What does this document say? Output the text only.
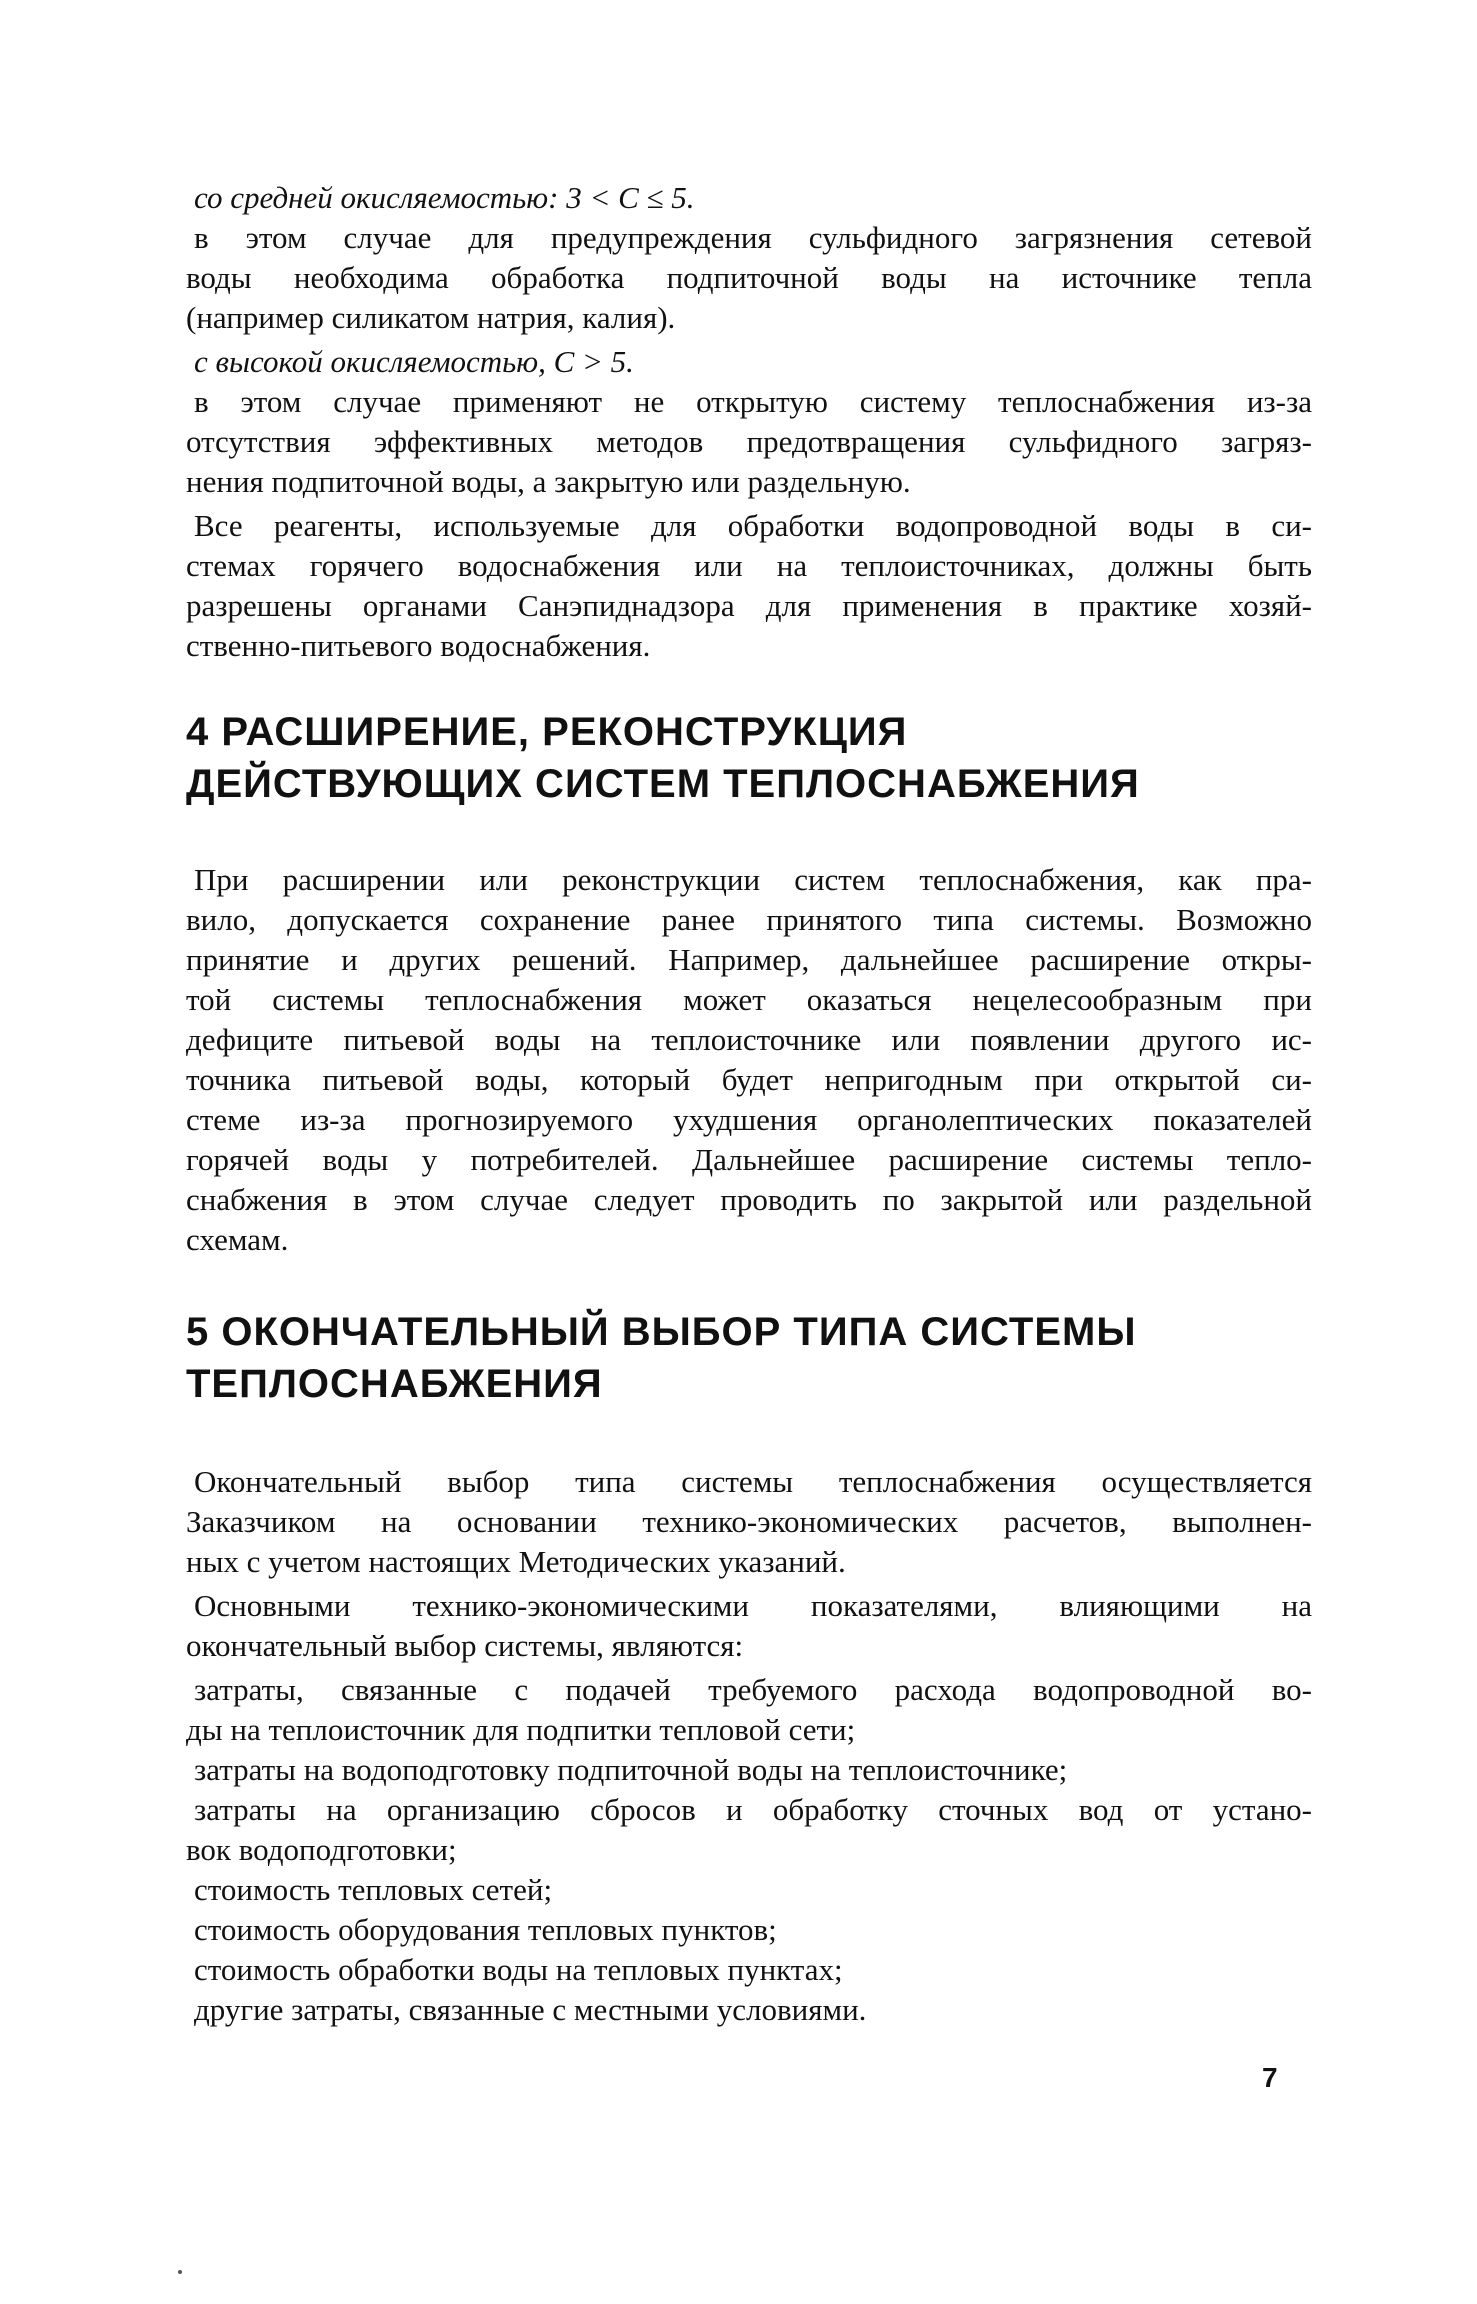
со средней окисляемостью: 3 < C ≤ 5.
в этом случае для предупреждения сульфидного загрязнения сетевой
воды необходима обработка подпиточной воды на источнике тепла
(например силикатом натрия, калия).
с высокой окисляемостью, C > 5.
в этом случае применяют не открытую систему теплоснабжения из-за
отсутствия эффективных методов предотвращения сульфидного загряз-
нения подпиточной воды, а закрытую или раздельную.
Все реагенты, используемые для обработки водопроводной воды в си-
стемах горячего водоснабжения или на теплоисточниках, должны быть
разрешены органами Санэпиднадзора для применения в практике хозяй-
ственно-питьевого водоснабжения.
4 РАСШИРЕНИЕ, РЕКОНСТРУКЦИЯ
ДЕЙСТВУЮЩИХ СИСТЕМ ТЕПЛОСНАБЖЕНИЯ
При расширении или реконструкции систем теплоснабжения, как пра-
вило, допускается сохранение ранее принятого типа системы. Возможно
принятие и других решений. Например, дальнейшее расширение откры-
той системы теплоснабжения может оказаться нецелесообразным при
дефиците питьевой воды на теплоисточнике или появлении другого ис-
точника питьевой воды, который будет непригодным при открытой си-
стеме из-за прогнозируемого ухудшения органолептических показателей
горячей воды у потребителей. Дальнейшее расширение системы тепло-
снабжения в этом случае следует проводить по закрытой или раздельной
схемам.
5 ОКОНЧАТЕЛЬНЫЙ ВЫБОР ТИПА СИСТЕМЫ
ТЕПЛОСНАБЖЕНИЯ
Окончательный выбор типа системы теплоснабжения осуществляется
Заказчиком на основании технико-экономических расчетов, выполнен-
ных с учетом настоящих Методических указаний.
Основными технико-экономическими показателями, влияющими на
окончательный выбор системы, являются:
затраты, связанные с подачей требуемого расхода водопроводной во-
ды на теплоисточник для подпитки тепловой сети;
затраты на водоподготовку подпиточной воды на теплоисточнике;
затраты на организацию сбросов и обработку сточных вод от устано-
вок водоподготовки;
стоимость тепловых сетей;
стоимость оборудования тепловых пунктов;
стоимость обработки воды на тепловых пунктах;
другие затраты, связанные с местными условиями.
7
